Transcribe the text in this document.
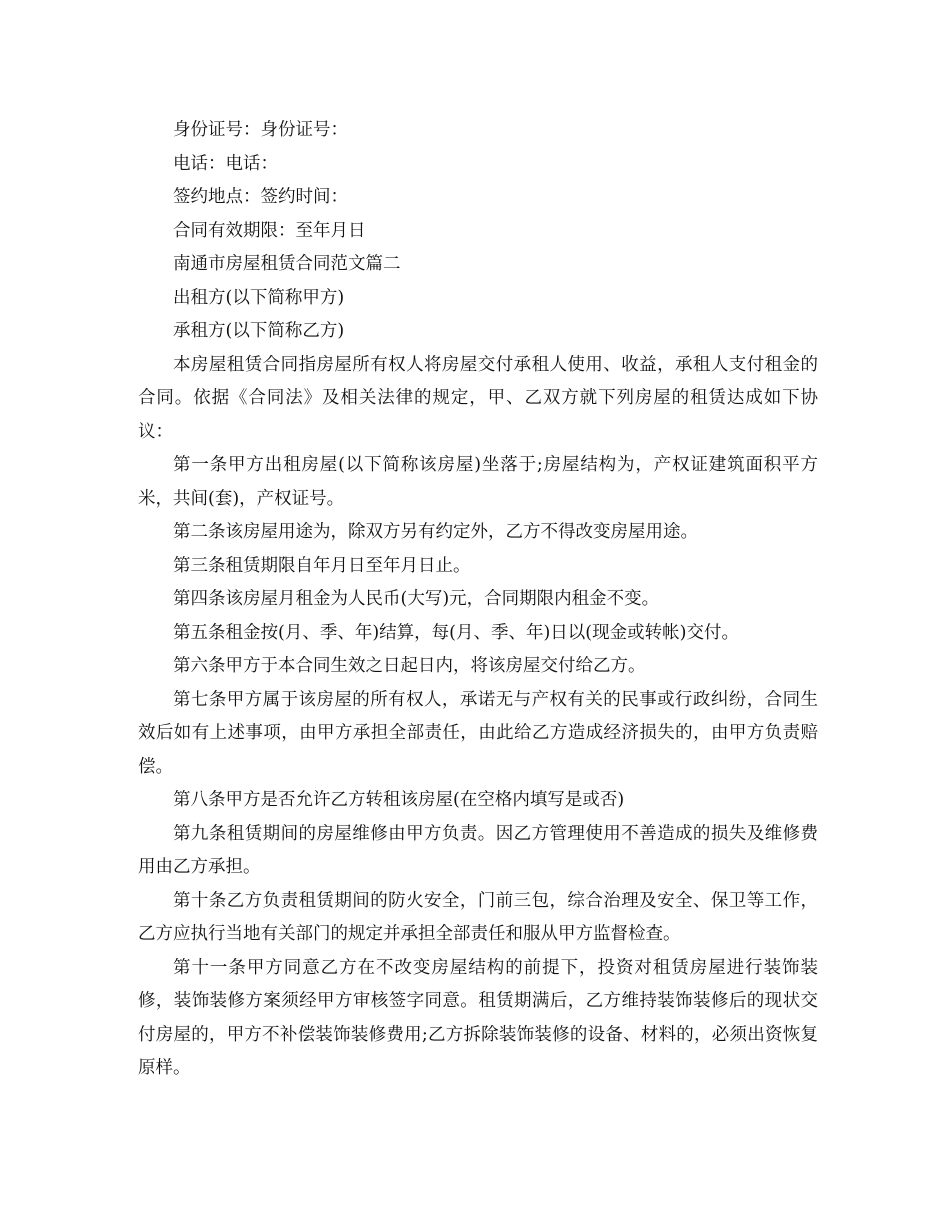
身份证号：身份证号：

电话：电话：

签约地点：签约时间：

合同有效期限：至年月日

南通市房屋租赁合同范文篇二

出租方(以下简称甲方)

承租方(以下简称乙方)

本房屋租赁合同指房屋所有权人将房屋交付承租人使用、收益，承租人支付租金的合同。依据《合同法》及相关法律的规定，甲、乙双方就下列房屋的租赁达成如下协议：

第一条甲方出租房屋(以下简称该房屋)坐落于;房屋结构为，产权证建筑面积平方米，共间(套)，产权证号。

第二条该房屋用途为，除双方另有约定外，乙方不得改变房屋用途。

第三条租赁期限自年月日至年月日止。

第四条该房屋月租金为人民币(大写)元，合同期限内租金不变。

第五条租金按(月、季、年)结算，每(月、季、年)日以(现金或转帐)交付。

第六条甲方于本合同生效之日起日内，将该房屋交付给乙方。

第七条甲方属于该房屋的所有权人，承诺无与产权有关的民事或行政纠纷，合同生效后如有上述事项，由甲方承担全部责任，由此给乙方造成经济损失的，由甲方负责赔偿。

第八条甲方是否允许乙方转租该房屋(在空格内填写是或否)

第九条租赁期间的房屋维修由甲方负责。因乙方管理使用不善造成的损失及维修费用由乙方承担。

第十条乙方负责租赁期间的防火安全，门前三包，综合治理及安全、保卫等工作，乙方应执行当地有关部门的规定并承担全部责任和服从甲方监督检查。

第十一条甲方同意乙方在不改变房屋结构的前提下，投资对租赁房屋进行装饰装修，装饰装修方案须经甲方审核签字同意。租赁期满后，乙方维持装饰装修后的现状交付房屋的，甲方不补偿装饰装修费用;乙方拆除装饰装修的设备、材料的，必须出资恢复原样。
